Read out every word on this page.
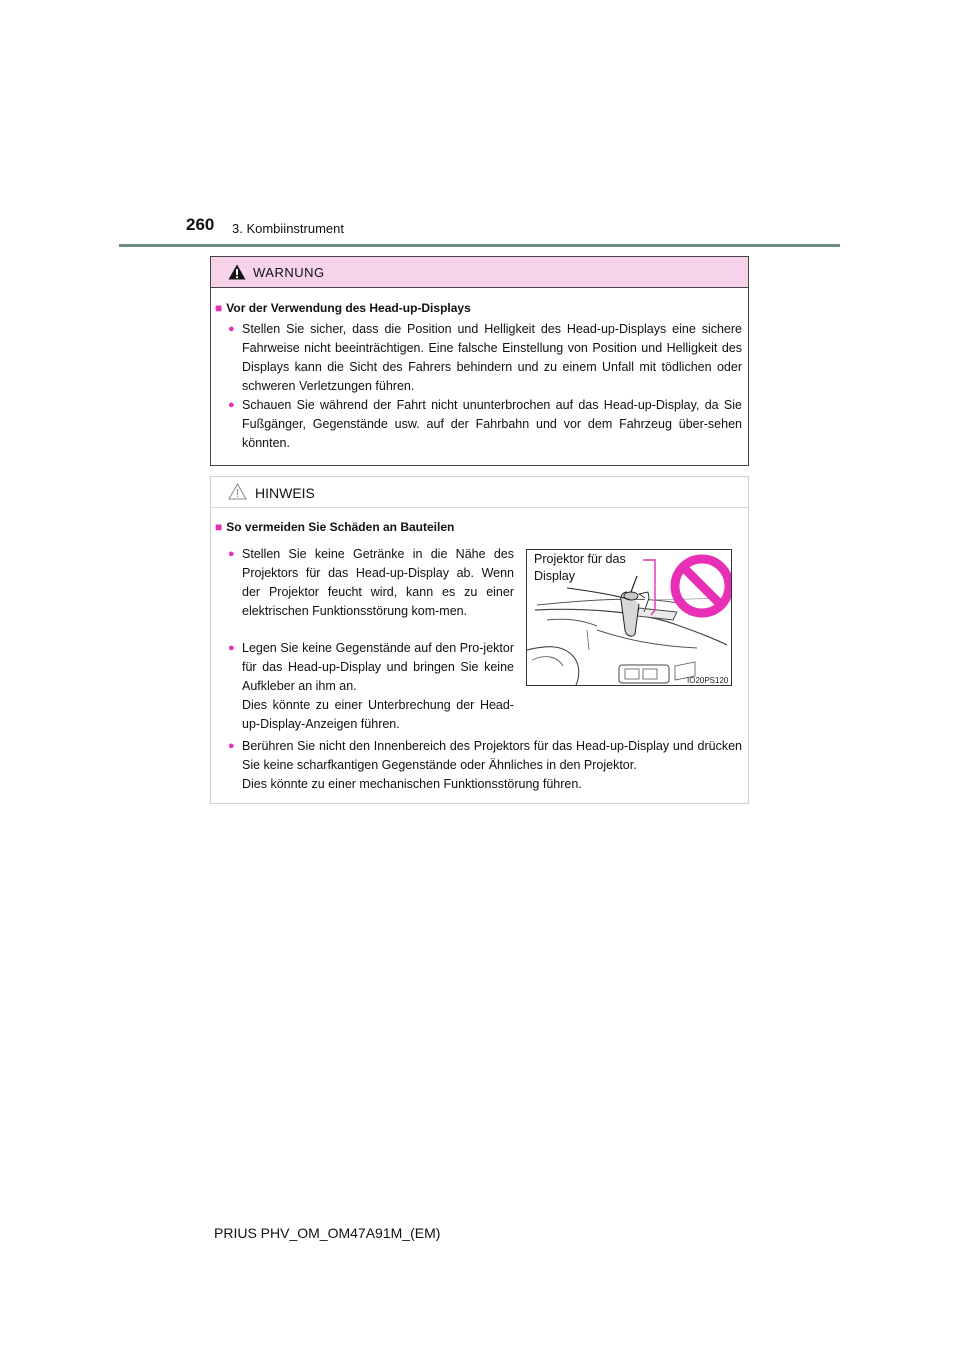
260 3. Kombiinstrument
WARNUNG
■ Vor der Verwendung des Head-up-Displays
● Stellen Sie sicher, dass die Position und Helligkeit des Head-up-Displays eine sichere Fahrweise nicht beeinträchtigen. Eine falsche Einstellung von Position und Helligkeit des Displays kann die Sicht des Fahrers behindern und zu einem Unfall mit tödlichen oder schweren Verletzungen führen.

● Schauen Sie während der Fahrt nicht ununterbrochen auf das Head-up-Display, da Sie Fußgänger, Gegenstände usw. auf der Fahrbahn und vor dem Fahrzeug über-sehen könnten.

HINWEIS
■ So vermeiden Sie Schäden an Bauteilen
● Stellen Sie keine Getränke in die Nähe des Projektors für das Head-up-Display ab. Wenn der Projektor feucht wird, kann es zu einer elektrischen Funktionsstörung kom-men.

● Legen Sie keine Gegenstände auf den Pro-jektor für das Head-up-Display und bringen Sie keine Aufkleber an ihm an.

Dies könnte zu einer Unterbrechung der Head-up-Display-Anzeigen führen.

● Berühren Sie nicht den Innenbereich des Projektors für das Head-up-Display und drücken Sie keine scharfkantigen Gegenstände oder Ähnliches in den Projektor.

Dies könnte zu einer mechanischen Funktionsstörung führen.

Projektor für das
Display
IO20PS120
PRIUS PHV_OM_OM47A91M_(EM)
